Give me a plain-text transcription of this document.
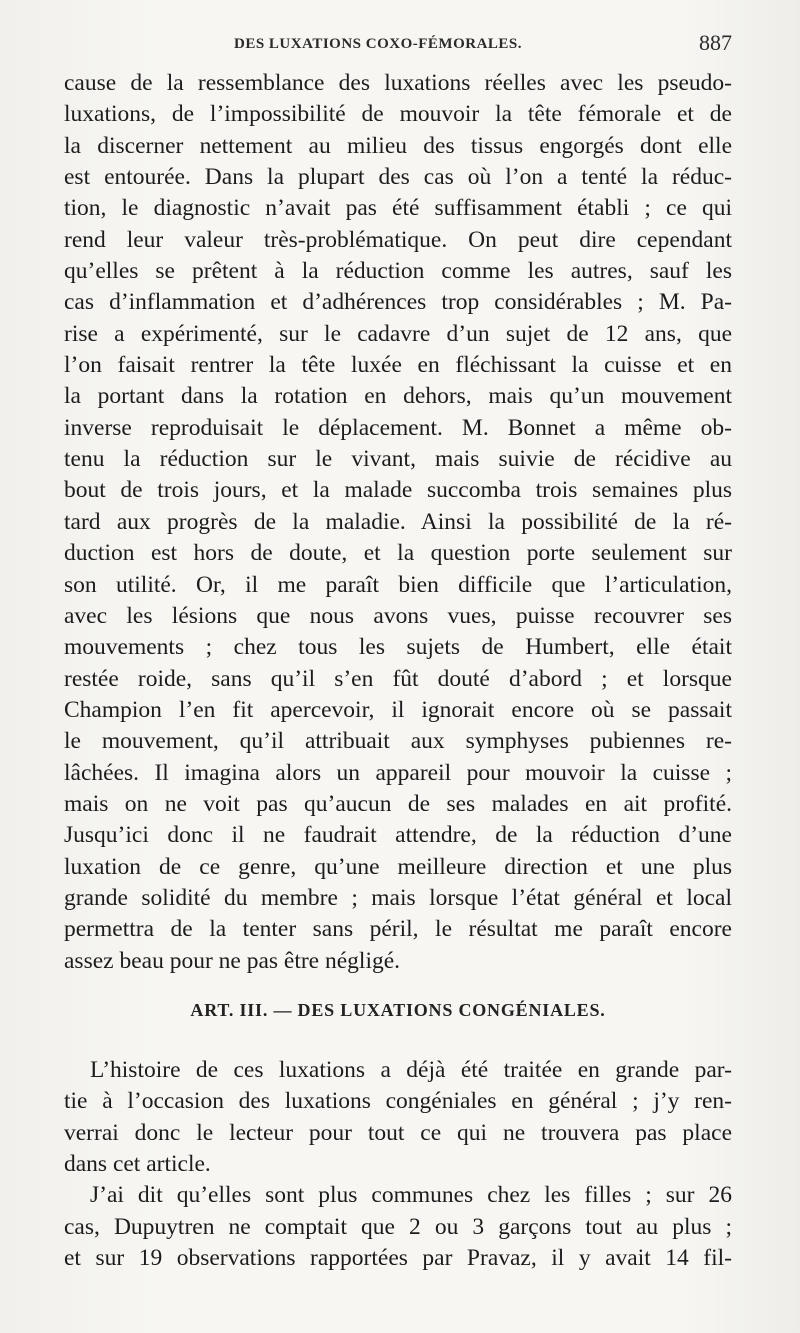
DES LUXATIONS COXO-FÉMORALES.	887
cause de la ressemblance des luxations réelles avec les pseudo-
luxations, de l’impossibilité de mouvoir la tête fémorale et de
la discerner nettement au milieu des tissus engorgés dont elle
est entourée. Dans la plupart des cas où l’on a tenté la réduc-
tion, le diagnostic n’avait pas été suffisamment établi ; ce qui
rend leur valeur très-problématique. On peut dire cependant
qu’elles se prêtent à la réduction comme les autres, sauf les
cas d’inflammation et d’adhérences trop considérables ; M. Pa-
rise a expérimenté, sur le cadavre d’un sujet de 12 ans, que
l’on faisait rentrer la tête luxée en fléchissant la cuisse et en
la portant dans la rotation en dehors, mais qu’un mouvement
inverse reproduisait le déplacement. M. Bonnet a même ob-
tenu la réduction sur le vivant, mais suivie de récidive au
bout de trois jours, et la malade succomba trois semaines plus
tard aux progrès de la maladie. Ainsi la possibilité de la ré-
duction est hors de doute, et la question porte seulement sur
son utilité. Or, il me paraît bien difficile que l’articulation,
avec les lésions que nous avons vues, puisse recouvrer ses
mouvements ; chez tous les sujets de Humbert, elle était
restée roide, sans qu’il s’en fût douté d’abord ; et lorsque
Champion l’en fit apercevoir, il ignorait encore où se passait
le mouvement, qu’il attribuait aux symphyses pubiennes re-
lâchées. Il imagina alors un appareil pour mouvoir la cuisse ;
mais on ne voit pas qu’aucun de ses malades en ait profité.
Jusqu’ici donc il ne faudrait attendre, de la réduction d’une
luxation de ce genre, qu’une meilleure direction et une plus
grande solidité du membre ; mais lorsque l’état général et local
permettra de la tenter sans péril, le résultat me paraît encore
assez beau pour ne pas être négligé.
ART. III. — DES LUXATIONS CONGÉNIALES.
L’histoire de ces luxations a déjà été traitée en grande par-
tie à l’occasion des luxations congéniales en général ; j’y ren-
verrai donc le lecteur pour tout ce qui ne trouvera pas place
dans cet article.
J’ai dit qu’elles sont plus communes chez les filles ; sur 26
cas, Dupuytren ne comptait que 2 ou 3 garçons tout au plus ;
et sur 19 observations rapportées par Pravaz, il y avait 14 fil-
